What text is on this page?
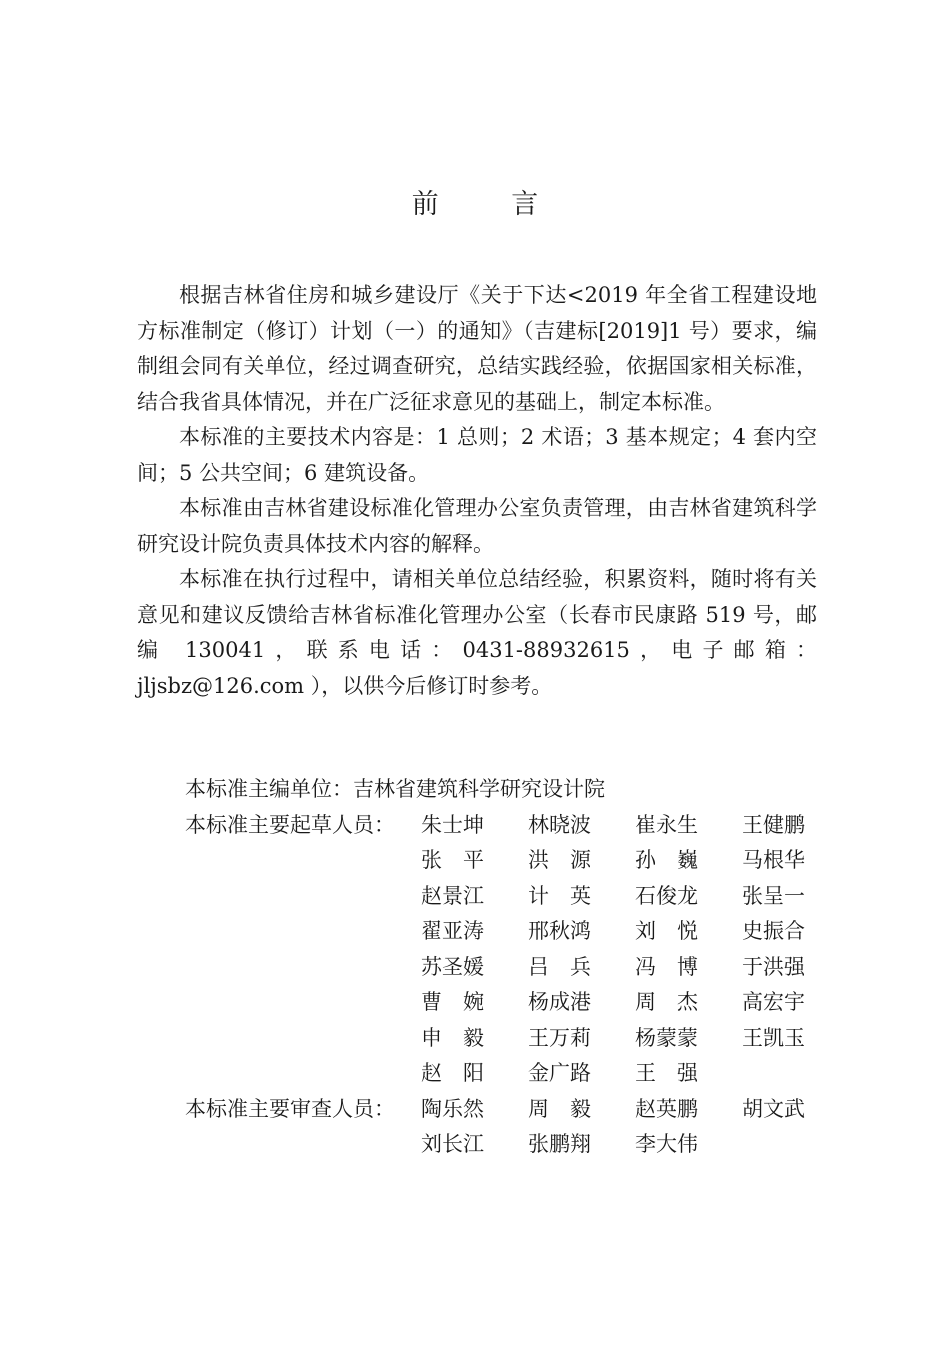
前 言

根据吉林省住房和城乡建设厅《关于下达<2019 年全省工程建设地方标准制定（修订）计划（一）的通知》（吉建标[2019]1 号）要求，编制组会同有关单位，经过调查研究，总结实践经验，依据国家相关标准，结合我省具体情况，并在广泛征求意见的基础上，制定本标准。

本标准的主要技术内容是：1 总则；2 术语；3 基本规定；4 套内空间；5 公共空间；6 建筑设备。

本标准由吉林省建设标准化管理办公室负责管理，由吉林省建筑科学研究设计院负责具体技术内容的解释。

本标准在执行过程中，请相关单位总结经验，积累资料，随时将有关意见和建议反馈给吉林省标准化管理办公室（长春市民康路 519 号，邮编 130041，联系电话：0431-88932615，电子邮箱：jljsbz@126.com ），以供今后修订时参考。

本标准主编单位： 吉林省建筑科学研究设计院
本标准主要起草人员：	朱士坤	林晓波	崔永生	王健鹏
张　平	洪　源	孙　巍	马根华
赵景江	计　英	石俊龙	张呈一
翟亚涛	邢秋鸿	刘　悦	史振合
苏圣媛	吕　兵	冯　博	于洪强
曹　婉	杨成港	周　杰	高宏宇
申　毅	王万莉	杨蒙蒙	王凯玉
赵　阳	金广路	王　强
本标准主要审查人员：	陶乐然	周　毅	赵英鹏	胡文武
刘长江	张鹏翔	李大伟
